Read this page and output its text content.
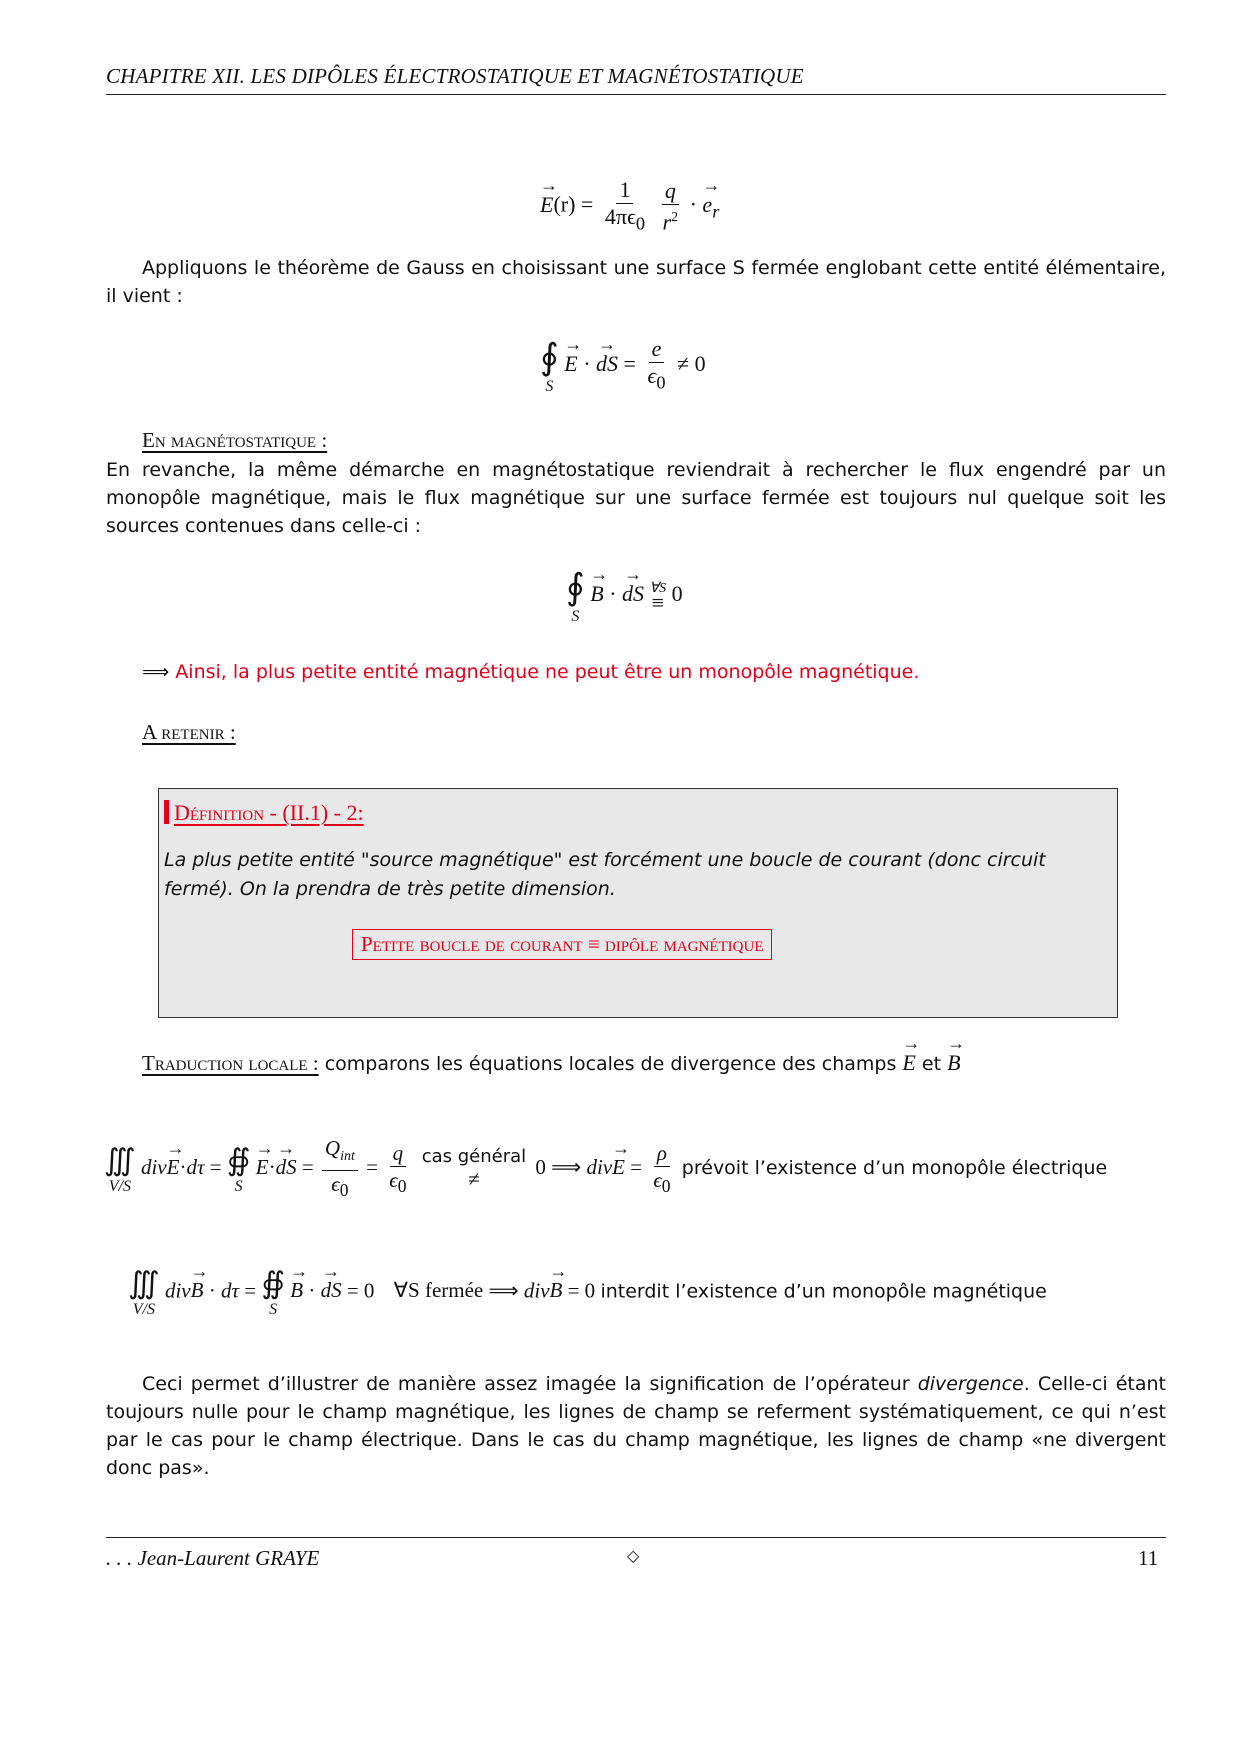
CHAPITRE XII. LES DIPÔLES ÉLECTROSTATIQUE ET MAGNÉTOSTATIQUE
→ $E(r) = \frac{1}{4\pi\epsilon_0}$
$\frac{q}{r^2}$ · → $e_r$
Appliquons le théorème de Gauss en choisissant une surface S fermée englobant cette entité élémentaire, il vient :
∮
S
→ E · → dS = $\frac{e}{\epsilon_0} \ne 0$
En magnétostatique :
En revanche, la même démarche en magnétostatique reviendrait à rechercher le flux engendré par un monopôle magnétique, mais le flux magnétique sur une surface fermée est toujours nul quelque soit les sources contenues dans celle-ci :
∮
S
→ B · → dS ∀S
≡ 0
⟹ Ainsi, la plus petite entité magnétique ne peut être un monopôle magnétique.
A retenir :
Définition - (II.1) - 2:
La plus petite entité "source magnétique" est forcément une boucle de courant (donc circuit fermé). On la prendra de très petite dimension.
Petite boucle de courant ≡ dipôle magnétique
Traduction locale : comparons les équations locales de divergence des champs → E et → B
∭
V/S
div→ E·dτ = ∯
S
→ E·→ dS = $\frac{Q_{int}}{\epsilon_0} = \frac{q}{\epsilon_0}$
cas général
≠
0 ⟹ $div\to E = \frac{\rho}{\epsilon_0}$ prévoit l’existence d’un monopôle électrique
∭
V/S
div→ B · dτ = ∯
S
→ B · → dS = 0 ∀S fermée ⟹ div→ B = 0 interdit l’existence d’un monopôle magnétique
Ceci permet d’illustrer de manière assez imagée la signification de l’opérateur divergence. Celle-ci étant toujours nulle pour le champ magnétique, les lignes de champ se referment systématiquement, ce qui n’est par le cas pour le champ électrique. Dans le cas du champ magnétique, les lignes de champ «ne divergent donc pas».
. . . Jean-Laurent GRAYE	◇	11
